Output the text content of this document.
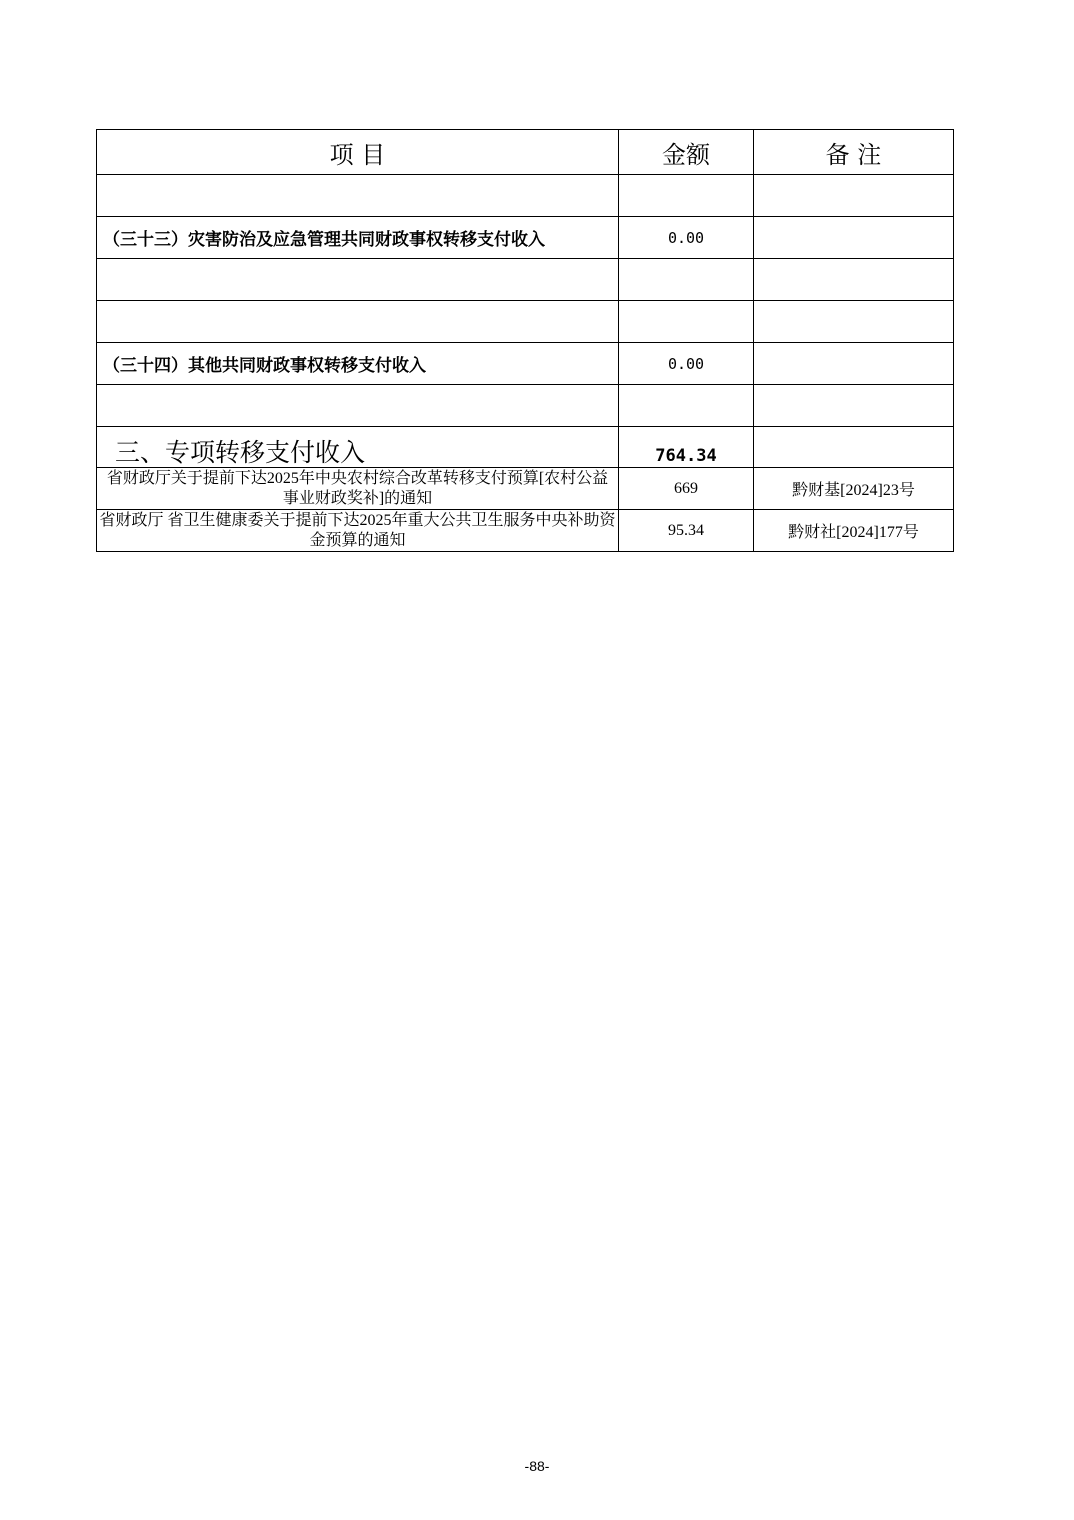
项 目	金额	备 注

（三十三）灾害防治及应急管理共同财政事权转移支付收入	0.00	

（三十四）其他共同财政事权转移支付收入	0.00	

三、专项转移支付收入	764.34	
省财政厅关于提前下达2025年中央农村综合改革转移支付预算[农村公益事业财政奖补]的通知	669	黔财基[2024]23号
省财政厅 省卫生健康委关于提前下达2025年重大公共卫生服务中央补助资金预算的通知	95.34	黔财社[2024]177号
-88-
